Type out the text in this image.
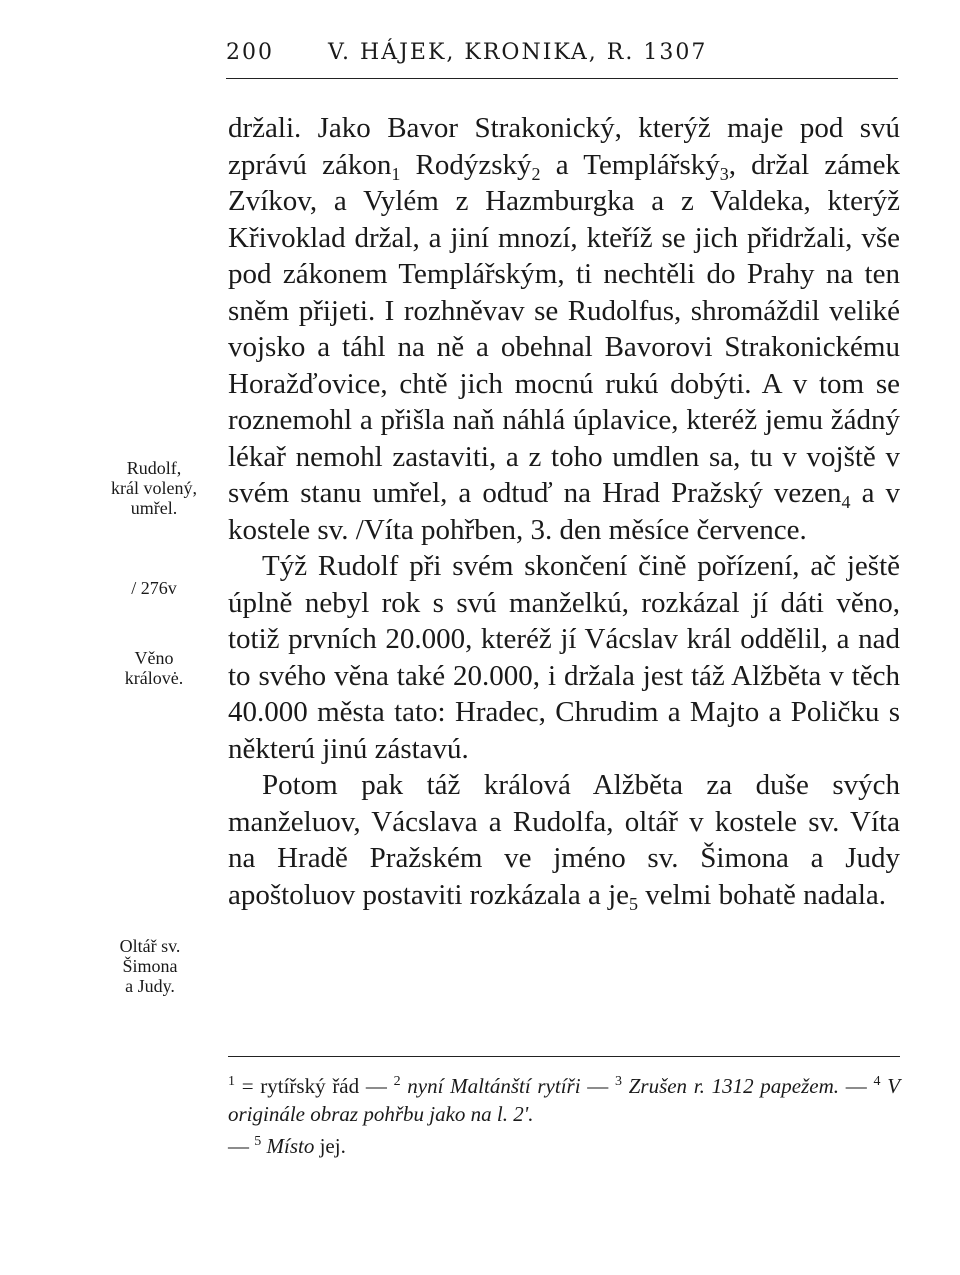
200 V. HÁJEK, KRONIKA, R. 1307

držali. Jako Bavor Strakonický, kterýž maje pod svú zprávú zákon$_1$ Rodýzský$_2$ a Templářský$_3$, držal zámek Zvíkov, a Vylém z Hazmburgka a z Valdeka, kterýž Křivoklad držal, a jiní mnozí, kteříž se jich přidržali, vše pod zákonem Templářským, ti nechtěli do Prahy na ten sněm přijeti. I rozhněvav se Rudolfus, shromáždil veliké vojsko a táhl na ně a obehnal Bavorovi Strakonickému Horažďovice, chtě jich mocnú rukú dobýti. A v tom se roznemohl a přišla naň náhlá úplavice, kteréž jemu žádný lékař nemohl zastaviti, a z toho umdlen sa, tu v vojště v svém stanu umřel, a odtuď na Hrad Pražský vezen$_4$ a v kostele sv. /Víta pohřben, 3. den měsíce července.

Týž Rudolf při svém skončení čině pořízení, ač ještě úplně nebyl rok s svú manželkú, rozkázal jí dáti věno, totiž prvních 20.000, kteréž jí Vácslav král oddělil, a nad to svého věna také 20.000, i držala jest táž Alžběta v těch 40.000 města tato: Hradec, Chrudim a Majto a Poličku s některú jinú zástavú.

Potom pak táž králová Alžběta za duše svých manželuov, Vácslava a Rudolfa, oltář v kostele sv. Víta na Hradě Pražském ve jméno sv. Šimona a Judy apoštoluov postaviti rozkázala a $je_5$ velmi bohatě nadala.

Rudolf,
král volený,
umřel.
/ 276v
Věno
královė.
Oltář sv.
Šimona
a Judy.
$^1$ = rytířský řád — $^2$ nyní Maltánští rytíři — $^3$ Zrušen r. 1312 papežem. — $^4$ V originále obraz pohřbu jako na l. 2'.
— $^5$ Místo jej.
